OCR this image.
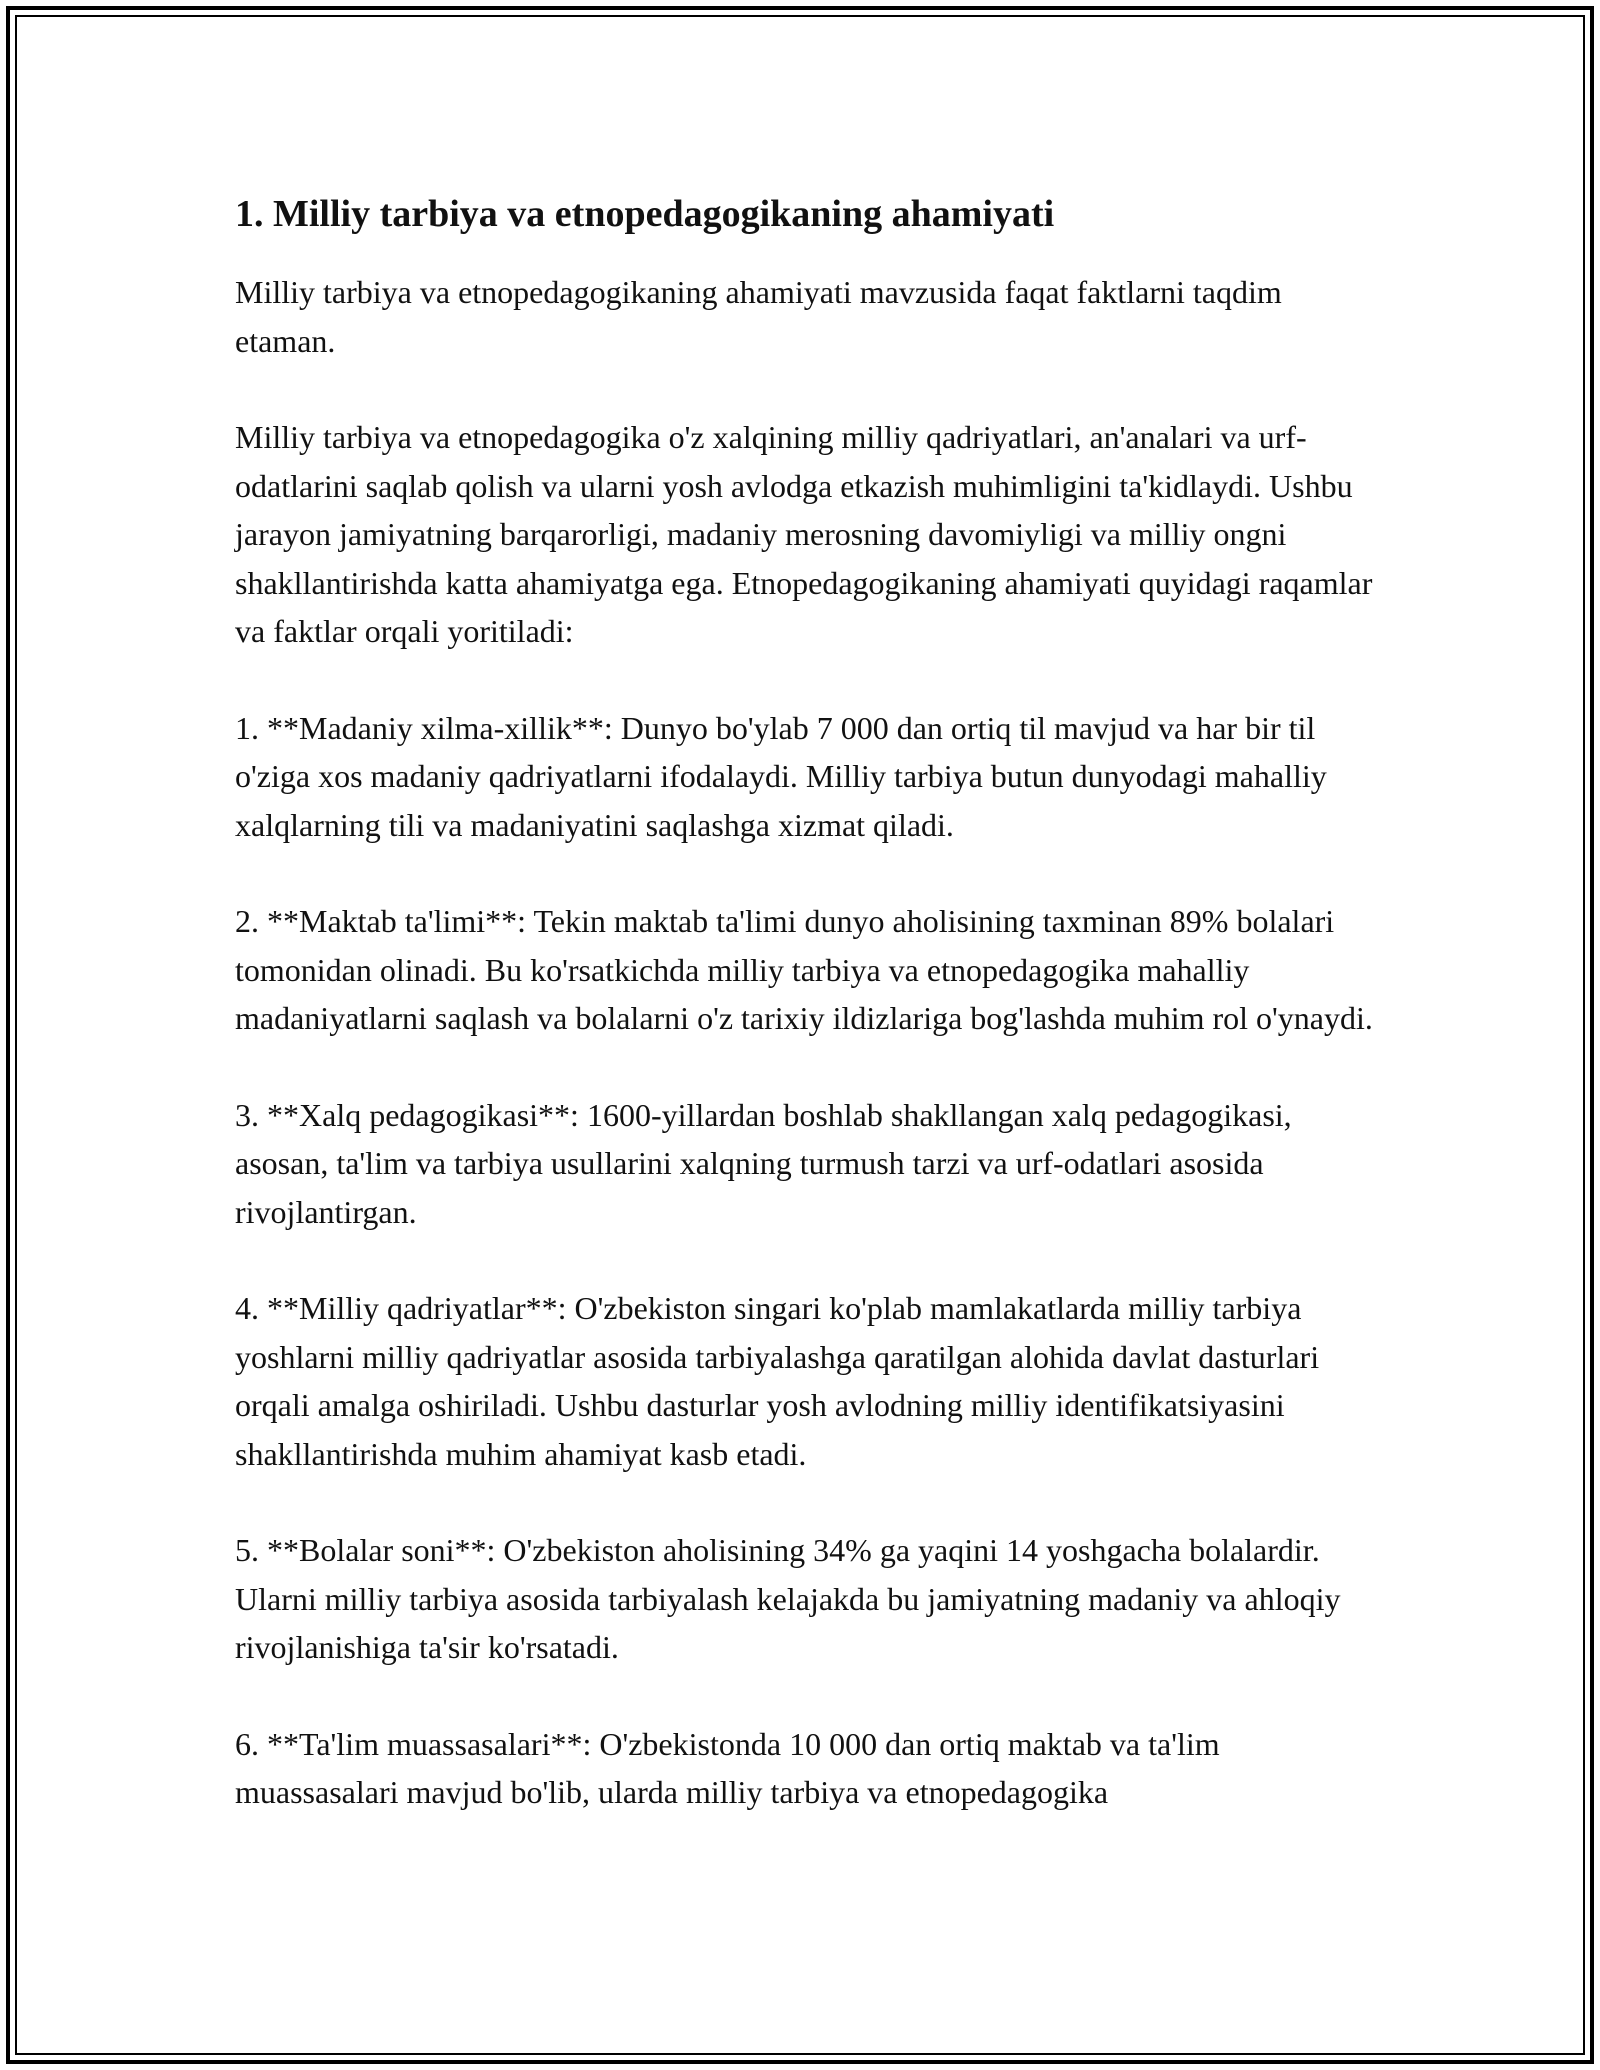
1. Milliy tarbiya va etnopedagogikaning ahamiyati

Milliy tarbiya va etnopedagogikaning ahamiyati mavzusida faqat faktlarni taqdim etaman.

Milliy tarbiya va etnopedagogika o'z xalqining milliy qadriyatlari, an'analari va urf-odatlarini saqlab qolish va ularni yosh avlodga etkazish muhimligini ta'kidlaydi. Ushbu jarayon jamiyatning barqarorligi, madaniy merosning davomiyligi va milliy ongni shakllantirishda katta ahamiyatga ega. Etnopedagogikaning ahamiyati quyidagi raqamlar va faktlar orqali yoritiladi:

1. **Madaniy xilma-xillik**: Dunyo bo'ylab 7 000 dan ortiq til mavjud va har bir til o'ziga xos madaniy qadriyatlarni ifodalaydi. Milliy tarbiya butun dunyodagi mahalliy xalqlarning tili va madaniyatini saqlashga xizmat qiladi.

2. **Maktab ta'limi**: Tekin maktab ta'limi dunyo aholisining taxminan 89% bolalari tomonidan olinadi. Bu ko'rsatkichda milliy tarbiya va etnopedagogika mahalliy madaniyatlarni saqlash va bolalarni o'z tarixiy ildizlariga bog'lashda muhim rol o'ynaydi.

3. **Xalq pedagogikasi**: 1600-yillardan boshlab shakllangan xalq pedagogikasi, asosan, ta'lim va tarbiya usullarini xalqning turmush tarzi va urf-odatlari asosida rivojlantirgan.

4. **Milliy qadriyatlar**: O'zbekiston singari ko'plab mamlakatlarda milliy tarbiya yoshlarni milliy qadriyatlar asosida tarbiyalashga qaratilgan alohida davlat dasturlari orqali amalga oshiriladi. Ushbu dasturlar yosh avlodning milliy identifikatsiyasini shakllantirishda muhim ahamiyat kasb etadi.

5. **Bolalar soni**: O'zbekiston aholisining 34% ga yaqini 14 yoshgacha bolalardir. Ularni milliy tarbiya asosida tarbiyalash kelajakda bu jamiyatning madaniy va ahloqiy rivojlanishiga ta'sir ko'rsatadi.

6. **Ta'lim muassasalari**: O'zbekistonda 10 000 dan ortiq maktab va ta'lim muassasalari mavjud bo'lib, ularda milliy tarbiya va etnopedagogika
